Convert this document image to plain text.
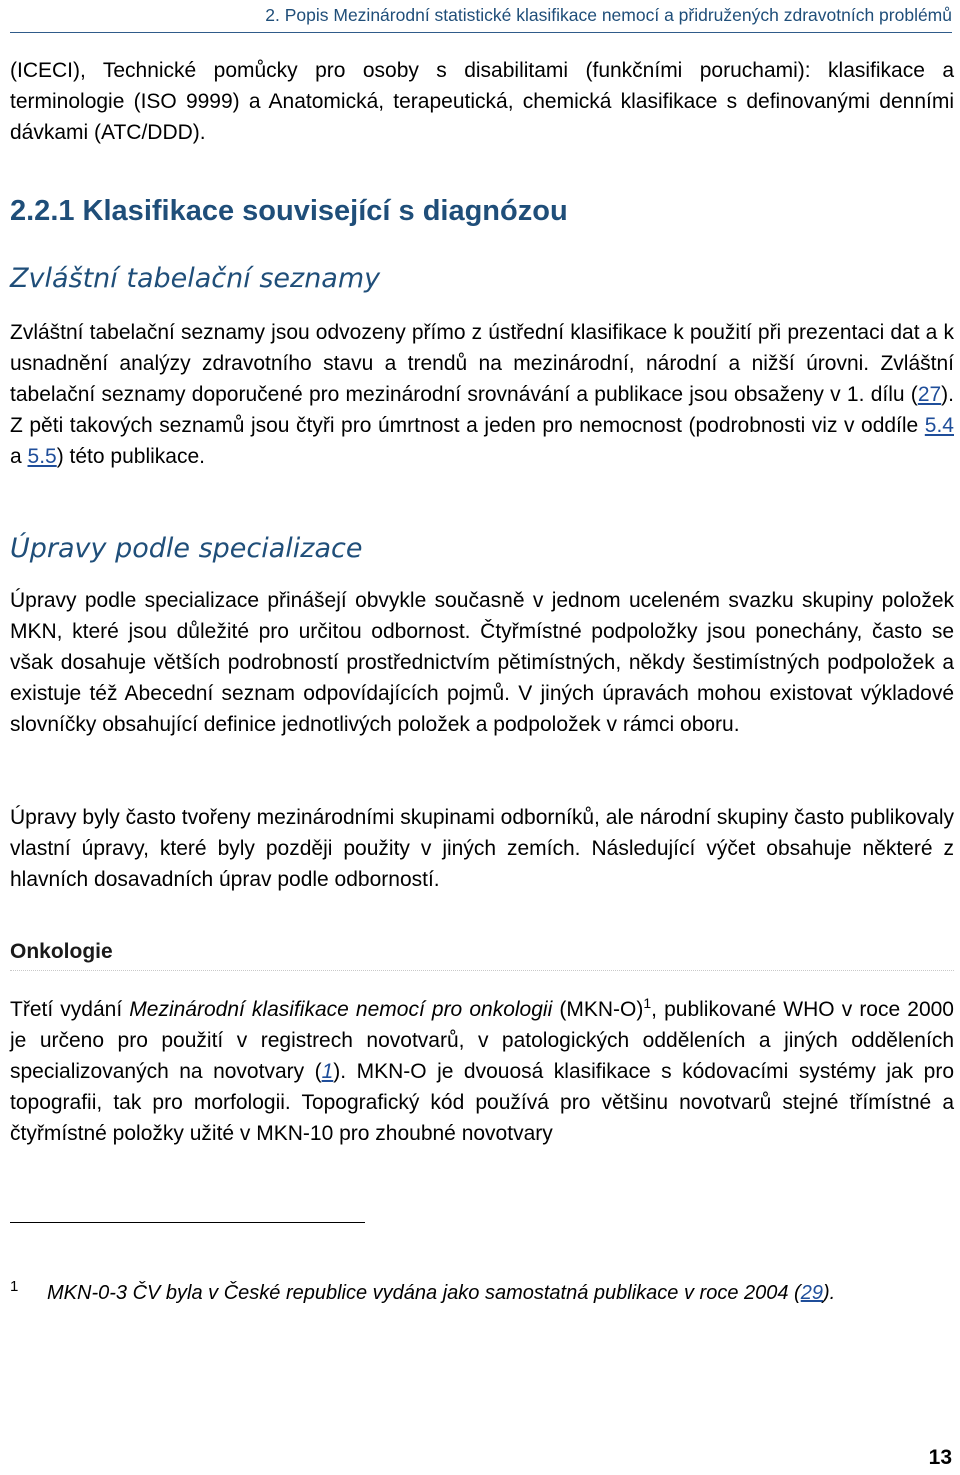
2. Popis Mezinárodní statistické klasifikace nemocí a přidružených zdravotních problémů

(ICECI), Technické pomůcky pro osoby s disabilitami (funkčními poruchami): klasifikace a terminologie (ISO 9999) a Anatomická, terapeutická, chemická klasifikace s definovanými denními dávkami (ATC/DDD).

2.2.1 Klasifikace související s diagnózou
Zvláštní tabelační seznamy

Zvláštní tabelační seznamy jsou odvozeny přímo z ústřední klasifikace k použití při prezentaci dat a k usnadnění analýzy zdravotního stavu a trendů na mezinárodní, národní a nižší úrovni. Zvláštní tabelační seznamy doporučené pro mezinárodní srovnávání a publikace jsou obsaženy v 1. dílu (27). Z pěti takových seznamů jsou čtyři pro úmrtnost a jeden pro nemocnost (podrobnosti viz v oddíle 5.4 a 5.5) této publikace.

Úpravy podle specializace

Úpravy podle specializace přinášejí obvykle současně v jednom uceleném svazku skupiny položek MKN, které jsou důležité pro určitou odbornost. Čtyřmístné podpoložky jsou ponechány, často se však dosahuje větších podrobností prostřednictvím pětimístných, někdy šestimístných podpoložek a existuje též Abecední seznam odpovídajících pojmů. V jiných úpravách mohou existovat výkladové slovníčky obsahující definice jednotlivých položek a podpoložek v rámci oboru.

Úpravy byly často tvořeny mezinárodními skupinami odborníků, ale národní skupiny často publikovaly vlastní úpravy, které byly později použity v jiných zemích. Následující výčet obsahuje některé z hlavních dosavadních úprav podle odborností.

Onkologie

Třetí vydání Mezinárodní klasifikace nemocí pro onkologii $(MKN-O)^1$, publikované WHO v roce 2000 je určeno pro použití v registrech novotvarů, v patologických odděleních a jiných odděleních specializovaných na novotvary (1). MKN-O je dvouosá klasifikace s kódovacími systémy jak pro topografii, tak pro morfologii. Topografický kód používá pro většinu novotvarů stejné třímístné a čtyřmístné položky užité v MKN-10 pro zhoubné novotvary

1 MKN-0-3 ČV byla v České republice vydána jako samostatná publikace v roce 2004 (29).
13
